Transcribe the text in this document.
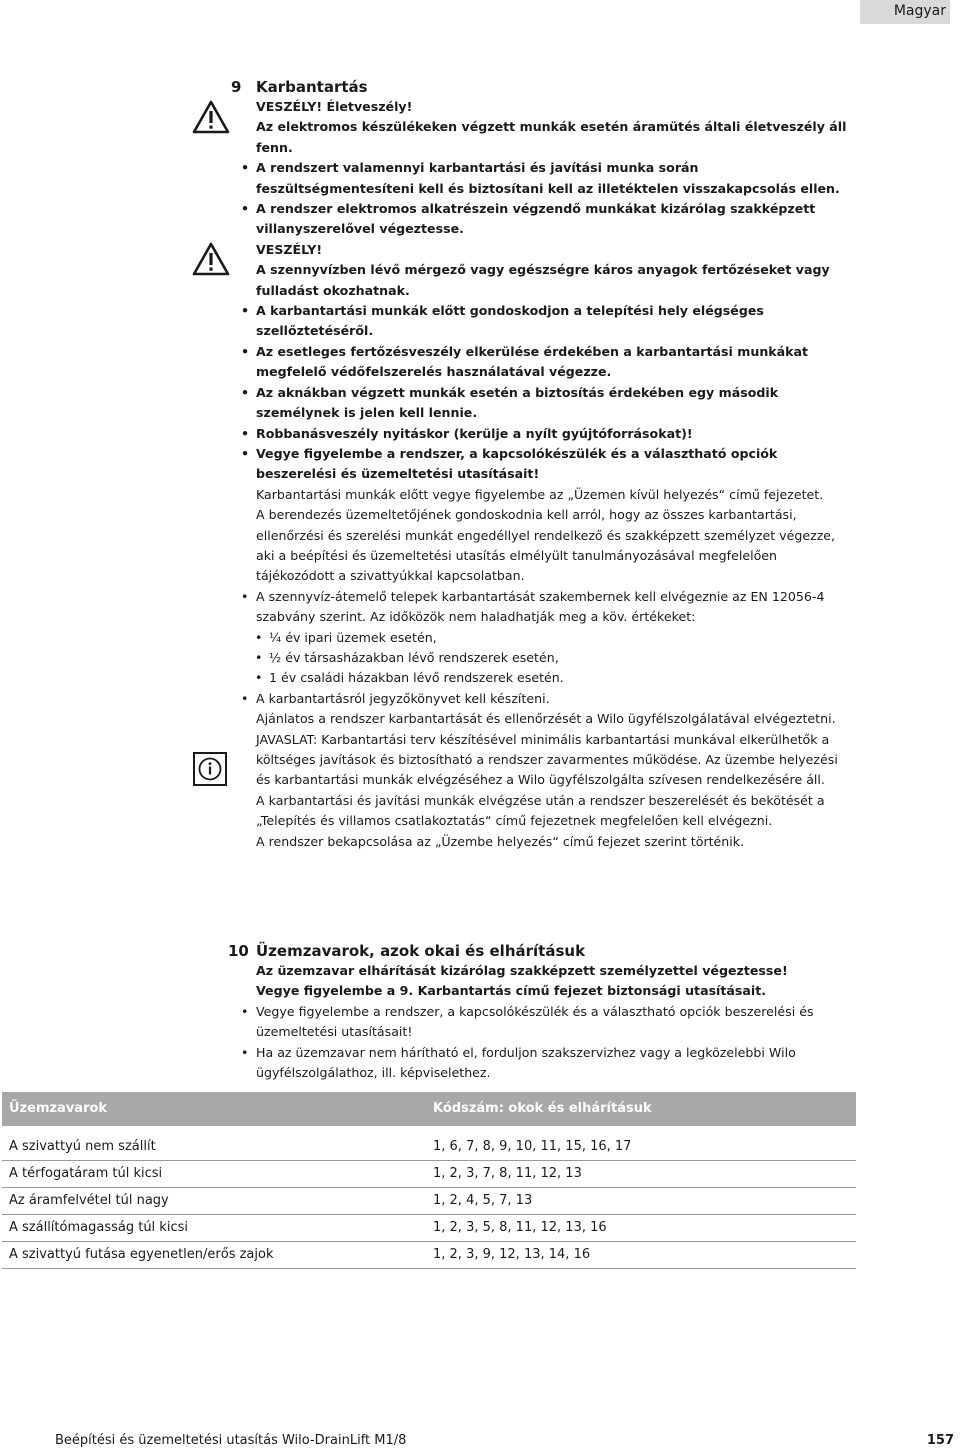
Magyar
9 Karbantartás
VESZÉLY! Életveszély!
Az elektromos készülékeken végzett munkák esetén áramütés általi életveszély áll fenn.
• A rendszert valamennyi karbantartási és javítási munka során feszültségmentesíteni kell és biztosítani kell az illetéktelen visszakapcsolás ellen.
• A rendszer elektromos alkatrészein végzendő munkákat kizárólag szakképzett villanyszerelővel végeztesse.
VESZÉLY!
A szennyvízben lévő mérgező vagy egészségre káros anyagok fertőzéseket vagy fulladást okozhatnak.
• A karbantartási munkák előtt gondoskodjon a telepítési hely elégséges szellőztetéséről.
• Az esetleges fertőzésveszély elkerülése érdekében a karbantartási munkákat megfelelő védőfelszerelés használatával végezze.
• Az aknákban végzett munkák esetén a biztosítás érdekében egy második személynek is jelen kell lennie.
• Robbanásveszély nyitáskor (kerülje a nyílt gyújtóforrásokat)!
• Vegye figyelembe a rendszer, a kapcsolókészülék és a választható opciók beszerelési és üzemeltetési utasításait!
Karbantartási munkák előtt vegye figyelembe az „Üzemen kívül helyezés“ című fejezetet.
A berendezés üzemeltetőjének gondoskodnia kell arról, hogy az összes karbantartási, ellenőrzési és szerelési munkát engedéllyel rendelkező és szakképzett személyzet végezze, aki a beépítési és üzemeltetési utasítás elmélyült tanulmányozásával megfelelően tájékozódott a szivattyúkkal kapcsolatban.
• A szennyvíz-átemelő telepek karbantartását szakembernek kell elvégeznie az EN 12056-4 szabvány szerint. Az időközök nem haladhatják meg a köv. értékeket:
• ¼ év ipari üzemek esetén,
• ½ év társasházakban lévő rendszerek esetén,
• 1 év családi házakban lévő rendszerek esetén.
• A karbantartásról jegyzőkönyvet kell készíteni.
Ajánlatos a rendszer karbantartását és ellenőrzését a Wilo ügyfélszolgálatával elvégeztetni.
JAVASLAT: Karbantartási terv készítésével minimális karbantartási munkával elkerülhetők a költséges javítások és biztosítható a rendszer zavarmentes működése. Az üzembe helyezési és karbantartási munkák elvégzéséhez a Wilo ügyfélszolgálta szívesen rendelkezésére áll.
A karbantartási és javítási munkák elvégzése után a rendszer beszerelését és bekötését a „Telepítés és villamos csatlakoztatás“ című fejezetnek megfelelően kell elvégezni.
A rendszer bekapcsolása az „Üzembe helyezés“ című fejezet szerint történik.
10 Üzemzavarok, azok okai és elhárításuk
Az üzemzavar elhárítását kizárólag szakképzett személyzettel végeztesse!
Vegye figyelembe a 9. Karbantartás című fejezet biztonsági utasításait.
• Vegye figyelembe a rendszer, a kapcsolókészülék és a választható opciók beszerelési és üzemeltetési utasításait!
• Ha az üzemzavar nem hárítható el, forduljon szakszervizhez vagy a legközelebbi Wilo ügyfélszolgálathoz, ill. képviselethez.
Üzemzavarok	Kódszám: okok és elhárításuk

A szivattyú nem szállít	1, 6, 7, 8, 9, 10, 11, 15, 16, 17
A térfogatáram túl kicsi	1, 2, 3, 7, 8, 11, 12, 13
Az áramfelvétel túl nagy	1, 2, 4, 5, 7, 13
A szállítómagasság túl kicsi	1, 2, 3, 5, 8, 11, 12, 13, 16
A szivattyú futása egyenetlen/erős zajok	1, 2, 3, 9, 12, 13, 14, 16
Beépítési és üzemeltetési utasítás Wilo-DrainLift M1/8	157
